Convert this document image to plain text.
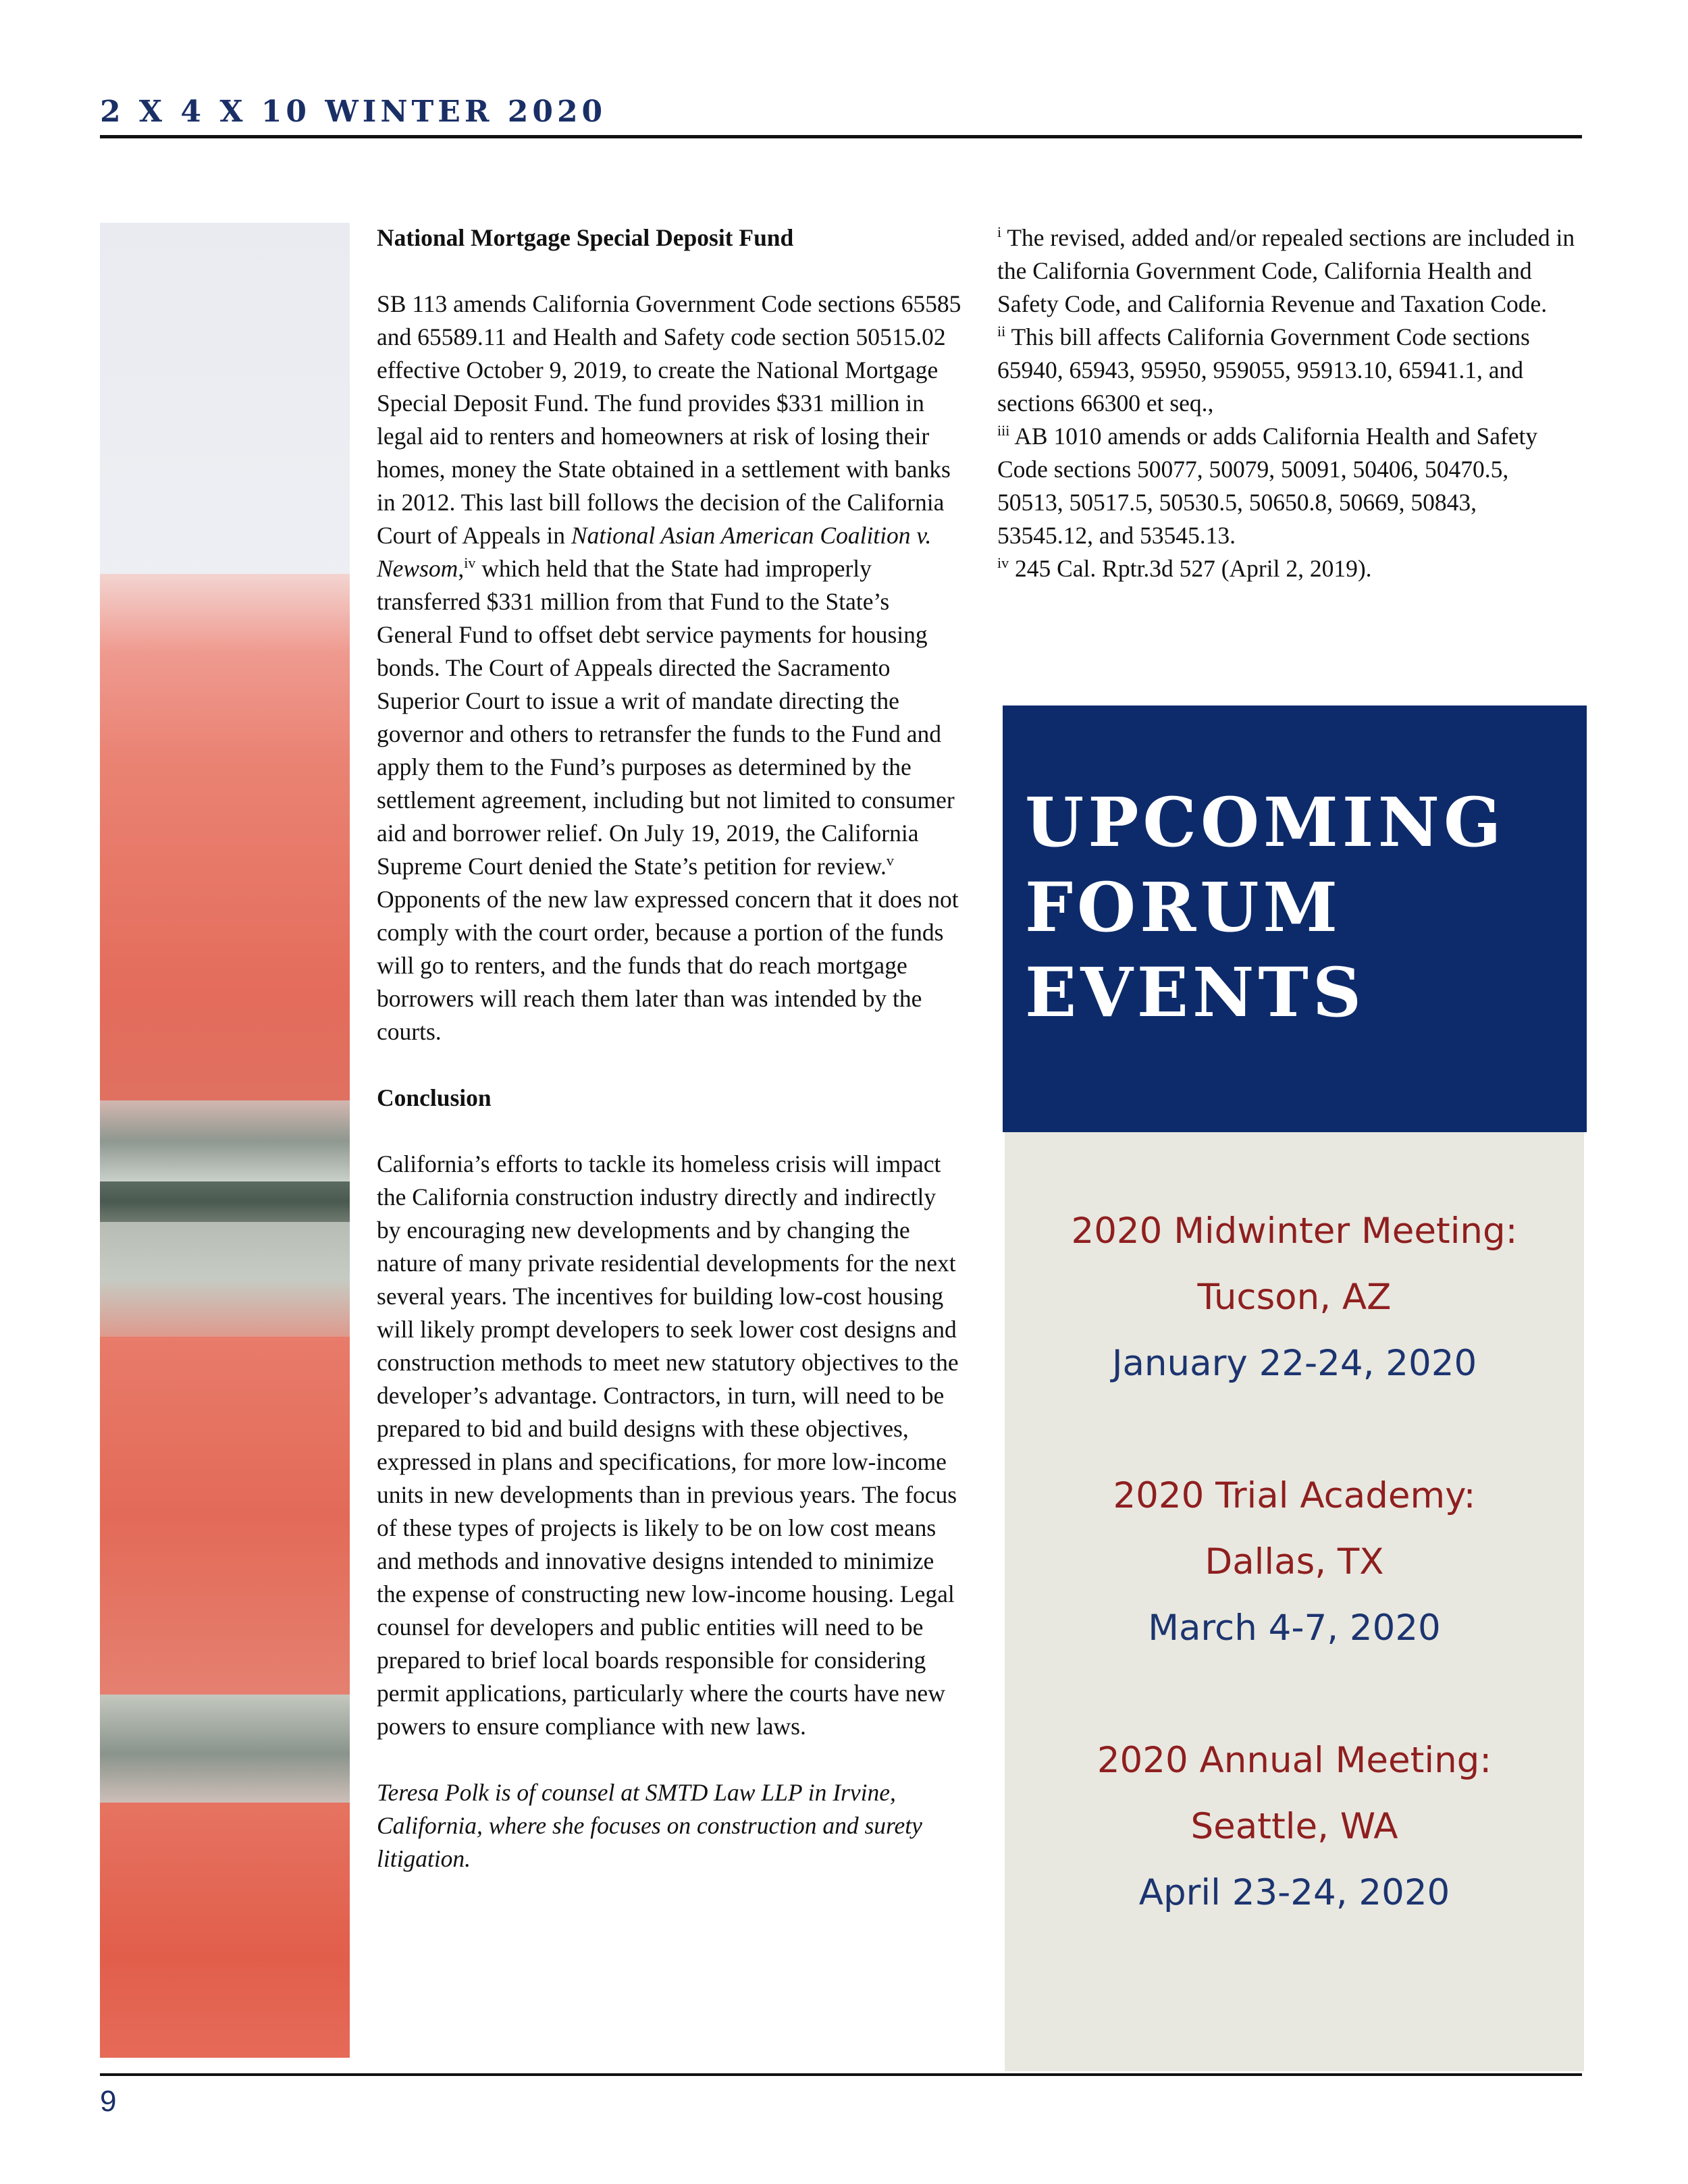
2 X 4 X 10 WINTER 2020

National Mortgage Special Deposit Fund

SB 113 amends California Government Code sections 65585 and 65589.11 and Health and Safety code section 50515.02 effective October 9, 2019, to create the National Mortgage Special Deposit Fund. The fund provides $331 million in legal aid to renters and homeowners at risk of losing their homes, money the State obtained in a settlement with banks in 2012. This last bill follows the decision of the California Court of Appeals in National Asian American Coalition v. Newsom,$^{iv}$ which held that the State had improperly transferred $331 million from that Fund to the State’s General Fund to offset debt service payments for housing bonds. The Court of Appeals directed the Sacramento Superior Court to issue a writ of mandate directing the governor and others to retransfer the funds to the Fund and apply them to the Fund’s purposes as determined by the settlement agreement, including but not limited to consumer aid and borrower relief. On July 19, 2019, the California Supreme Court denied the State’s petition for review.$^v$ Opponents of the new law expressed concern that it does not comply with the court order, because a portion of the funds will go to renters, and the funds that do reach mortgage borrowers will reach them later than was intended by the courts.

Conclusion

California’s efforts to tackle its homeless crisis will impact the California construction industry directly and indirectly by encouraging new developments and by changing the nature of many private residential developments for the next several years. The incentives for building low-cost housing will likely prompt developers to seek lower cost designs and construction methods to meet new statutory objectives to the developer’s advantage. Contractors, in turn, will need to be prepared to bid and build designs with these objectives, expressed in plans and specifications, for more low-income units in new developments than in previous years. The focus of these types of projects is likely to be on low cost means and methods and innovative designs intended to minimize the expense of constructing new low-income housing. Legal counsel for developers and public entities will need to be prepared to brief local boards responsible for considering permit applications, particularly where the courts have new powers to ensure compliance with new laws.

Teresa Polk is of counsel at SMTD Law LLP in Irvine, California, where she focuses on construction and surety litigation.

$^i$ The revised, added and/or repealed sections are included in the California Government Code, California Health and Safety Code, and California Revenue and Taxation Code.

$^{ii}$ This bill affects California Government Code sections 65940, 65943, 95950, 959055, 95913.10, 65941.1, and sections 66300 et seq.,

$^{iii}$ AB 1010 amends or adds California Health and Safety Code sections 50077, 50079, 50091, 50406, 50470.5, 50513, 50517.5, 50530.5, 50650.8, 50669, 50843, 53545.12, and 53545.13.

$^{iv}$ 245 Cal. Rptr.3d 527 (April 2, 2019).

UPCOMING
FORUM
EVENTS
2020 Midwinter Meeting:
Tucson, AZ
January 22-24, 2020
2020 Trial Academy:
Dallas, TX
March 4-7, 2020
2020 Annual Meeting:
Seattle, WA
April 23-24, 2020
9
